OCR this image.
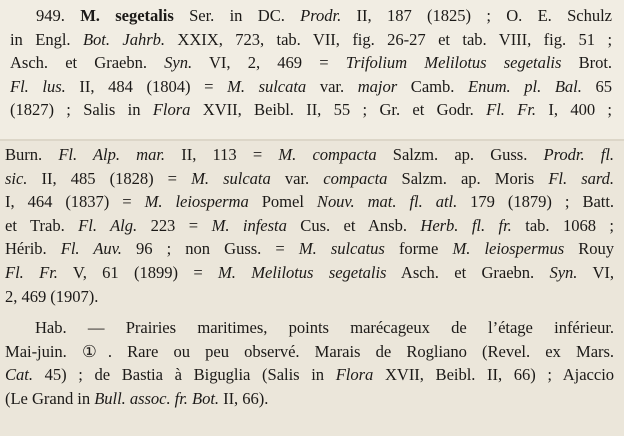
949. M. segetalis Ser. in DC. Prodr. II, 187 (1825) ; O. E. Schulz
in Engl. Bot. Jahrb. XXIX, 723, tab. VII, fig. 26-27 et tab. VIII, fig. 51 ;
Asch. et Graebn. Syn. VI, 2, 469 = Trifolium Melilotus segetalis Brot.
Fl. lus. II, 484 (1804) = M. sulcata var. major Camb. Enum. pl. Bal. 65
(1827) ; Salis in Flora XVII, Beibl. II, 55 ; Gr. et Godr. Fl. Fr. I, 400 ;
Burn. Fl. Alp. mar. II, 113 = M. compacta Salzm. ap. Guss. Prodr. fl.
sic. II, 485 (1828) = M. sulcata var. compacta Salzm. ap. Moris Fl. sard.
I, 464 (1837) = M. leiosperma Pomel Nouv. mat. fl. atl. 179 (1879) ; Batt.
et Trab. Fl. Alg. 223 = M. infesta Cus. et Ansb. Herb. fl. fr. tab. 1068 ;
Hérib. Fl. Auv. 96 ; non Guss. = M. sulcatus forme M. leiospermus Rouy
Fl. Fr. V, 61 (1899) = M. Melilotus segetalis Asch. et Graebn. Syn. VI,
2, 469 (1907).
Hab. — Prairies maritimes, points marécageux de l’étage inférieur.
Mai-juin. ①. Rare ou peu observé. Marais de Rogliano (Revel. ex Mars.
Cat. 45) ; de Bastia à Biguglia (Salis in Flora XVII, Beibl. II, 66) ; Ajaccio
(Le Grand in Bull. assoc. fr. Bot. II, 66).
